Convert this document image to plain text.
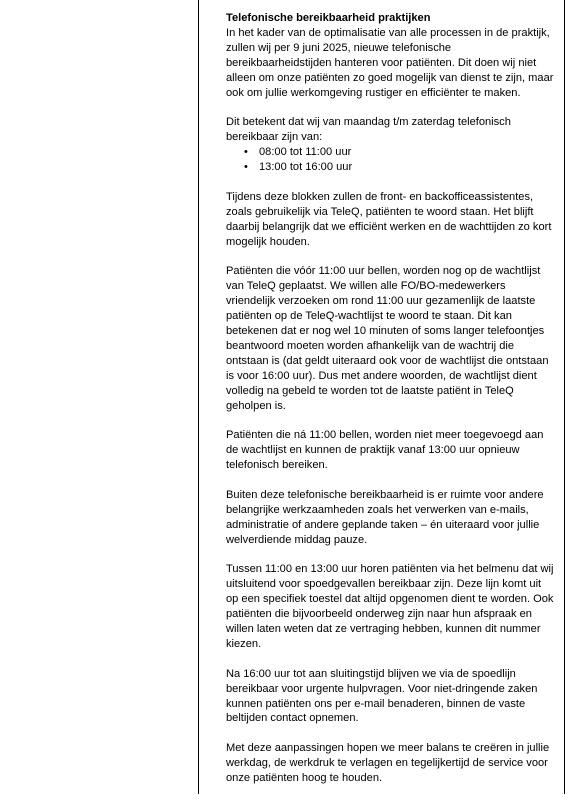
Telefonische bereikbaarheid praktijken

In het kader van de optimalisatie van alle processen in de praktijk, zullen wij per 9 juni 2025, nieuwe telefonische bereikbaarheidstijden hanteren voor patiënten. Dit doen wij niet alleen om onze patiënten zo goed mogelijk van dienst te zijn, maar ook om jullie werkomgeving rustiger en efficiënter te maken.

Dit betekent dat wij van maandag t/m zaterdag telefonisch bereikbaar zijn van:

• 08:00 tot 11:00 uur
• 13:00 tot 16:00 uur

Tijdens deze blokken zullen de front- en backofficeassistentes, zoals gebruikelijk via TeleQ, patiënten te woord staan. Het blijft daarbij belangrijk dat we efficiënt werken en de wachttijden zo kort mogelijk houden.

Patiënten die vóór 11:00 uur bellen, worden nog op de wachtlijst van TeleQ geplaatst. We willen alle FO/BO-medewerkers vriendelijk verzoeken om rond 11:00 uur gezamenlijk de laatste patiënten op de TeleQ-wachtlijst te woord te staan. Dit kan betekenen dat er nog wel 10 minuten of soms langer telefoontjes beantwoord moeten worden afhankelijk van de wachtrij die ontstaan is (dat geldt uiteraard ook voor de wachtlijst die ontstaan is voor 16:00 uur). Dus met andere woorden, de wachtlijst dient volledig na gebeld te worden tot de laatste patiënt in TeleQ geholpen is.

Patiënten die ná 11:00 bellen, worden niet meer toegevoegd aan de wachtlijst en kunnen de praktijk vanaf 13:00 uur opnieuw telefonisch bereiken.

Buiten deze telefonische bereikbaarheid is er ruimte voor andere belangrijke werkzaamheden zoals het verwerken van e-mails, administratie of andere geplande taken – én uiteraard voor jullie welverdiende middag pauze.

Tussen 11:00 en 13:00 uur horen patiënten via het belmenu dat wij uitsluitend voor spoedgevallen bereikbaar zijn. Deze lijn komt uit op een specifiek toestel dat altijd opgenomen dient te worden. Ook patiënten die bijvoorbeeld onderweg zijn naar hun afspraak en willen laten weten dat ze vertraging hebben, kunnen dit nummer kiezen.

Na 16:00 uur tot aan sluitingstijd blijven we via de spoedlijn bereikbaar voor urgente hulpvragen. Voor niet-dringende zaken kunnen patiënten ons per e-mail benaderen, binnen de vaste beltijden contact opnemen.

Met deze aanpassingen hopen we meer balans te creëren in jullie werkdag, de werkdruk te verlagen en tegelijkertijd de service voor onze patiënten hoog te houden.
